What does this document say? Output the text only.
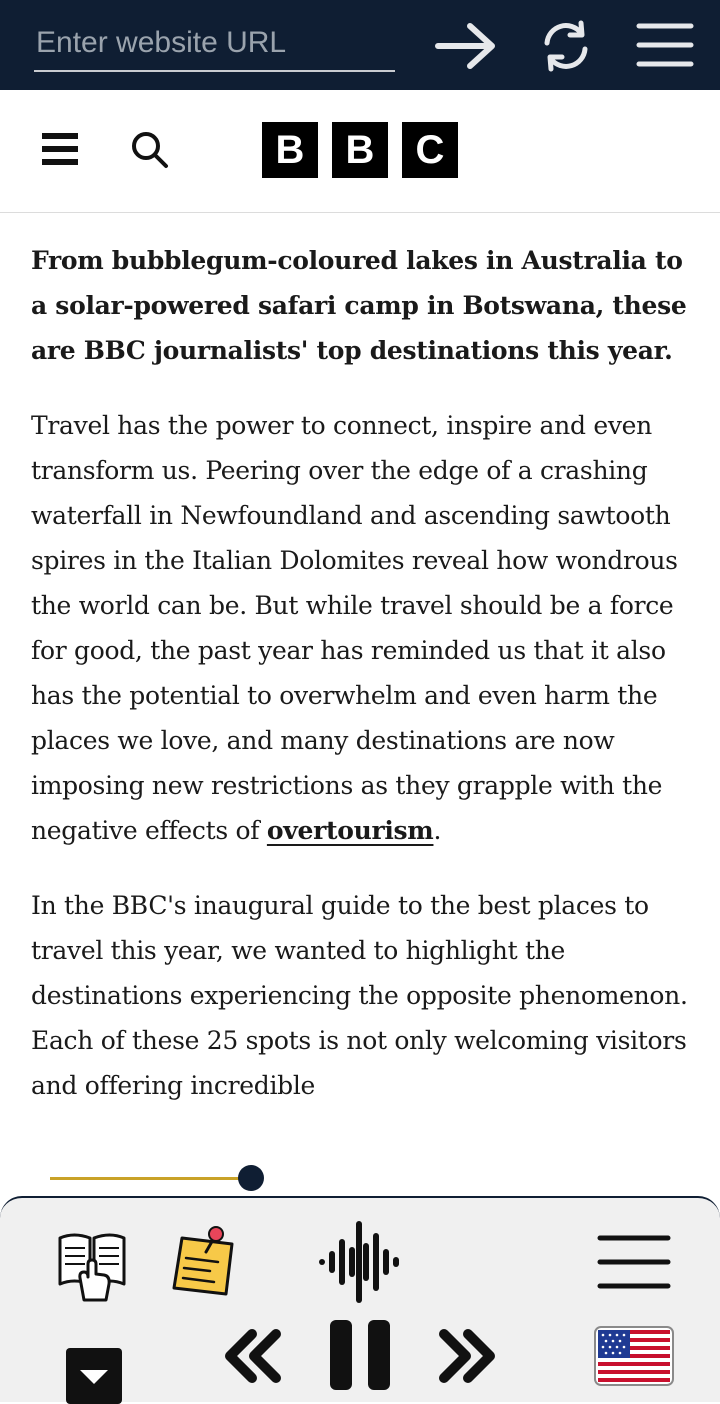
Enter website URL
B	B	C

From bubblegum-coloured lakes in Australia to a solar-powered safari camp in Botswana, these are BBC journalists' top destinations this year.

Travel has the power to connect, inspire and even transform us. Peering over the edge of a crashing waterfall in Newfoundland and ascending sawtooth spires in the Italian Dolomites reveal how wondrous the world can be. But while travel should be a force for good, the past year has reminded us that it also has the potential to overwhelm and even harm the places we love, and many destinations are now imposing new restrictions as they grapple with the negative effects of overtourism.

In the BBC's inaugural guide to the best places to travel this year, we wanted to highlight the destinations experiencing the opposite phenomenon. Each of these 25 spots is not only welcoming visitors and offering incredible
